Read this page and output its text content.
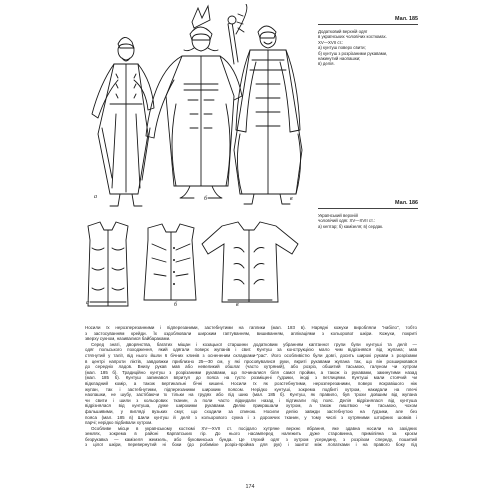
а	б	в
Мал. 185
Додатковий верхній одяг
в українських чоловічих костюмах.
XV—XVII ст.:
а) кунтуш поверх свити;
б) кунтуш з розрізаними рукавами,
накинутий наопашки;
в) делія.
а	б	в
Мал. 186
Український верхній
чоловічий одяг. XV—XVII ст.:
а) кептар; б) камізеля; в) сердак.
Носили їх нерозперезанними і підперезаними, застебнутими на гаплики (мал. 183 в). Нарядні кожухи виробляли "набіло", тобто
з застосуванням крейди. Їх оздоблювали широким гаптуванням, вишиванням, аплікаціями з кольорової шкіри. Кожухи, покриті
зверху сукном, називалися байбараками.
Серед знаті, дворянства, багатих міщан і козацької старшини додатковим убранням каптанної групи були кунтуші та делії —
одяг польського походження, який одягали поверх жупанів і свит. Кунтуш за конструкцією мало чим відрізнявся від жупана; мав
стягнутий у талії, від нього йшли 6 бічних клинів з оснененим складками-"рас". Його особливістю були довгі, досить широкі рукави з розрізами
в центрі напроти ліктів, завдовжки приблизно 25—30 см, у які просовувалися руки, вкриті рукавами жупана так, що він розширювався
до середніх ладов. Внизу рукав мав або невеликий обшлаг (часто хутряний), або розріз, обшитий тасьмою, галуном чи хутром
(мал. 185 б). Традиційно кунтуш з розрізаними рукавами, що починалися біля самої пройми, а також із рукавами, закинутими назад
(мал. 185 б). Кунтуш запинався впритул до пояса на густо розміщені ґудзики, іноді з петлицями. Кунтуші мали стоячий чи
відкладний комір, а також вертикальні бічні кишені. Носили їх як розстебнутими, нерозперезаними, поверх яскравішого ніж
жупан, так і застебнутими, підперезаними широким поясом. Нерідко кунтуші, зокрема подбиті хутром, накидали на плечі
наопашки, не шубу, застібаючи їх тільки на грудях або під шию (мал. 185 б). Кунтуш, як правило, був трохи довшим від жупана
чи свити і шили з кольорових тканин, а поли часто відкидали назад і підтикали під пояс. Делія відрізнялася від кунтуша
відрізнялася від кунтуша, дуже широкими рукавами. Делію прикрашали хутром, а також лиштвою чи тасьмою, чохом
фальшивими, у вигляді вузьких смуг, що сходили за спиною. Носили делію завжди застебнутою на ґудзики, але без
пояса (мал. 185 в) Шили кунтуш й делії з кольорового сукна і з дорожчих тканин, у тому числі з хутряними штофних шовків і
парчі; нерідко підбивали хутром.
Особливе місце в українському костюмі XV—XVII ст. посідало хутряне верхнє вбрання, яке здавна носили на західних
землях, зокрема в районі Карпатських гір. До нього насамперед належить дуже старовинна, приміліяна за кроєм
безрукавка — камізеля жемзель, або буковинська бунда. Це глухий одяг з хутром усередину, з розрізом спереду, пошитий
з цілої шкіри, перевернутий ні боки (до робиміхе розріз-пройма для рук) і зшитої між лопатками і на правого боку під
174
